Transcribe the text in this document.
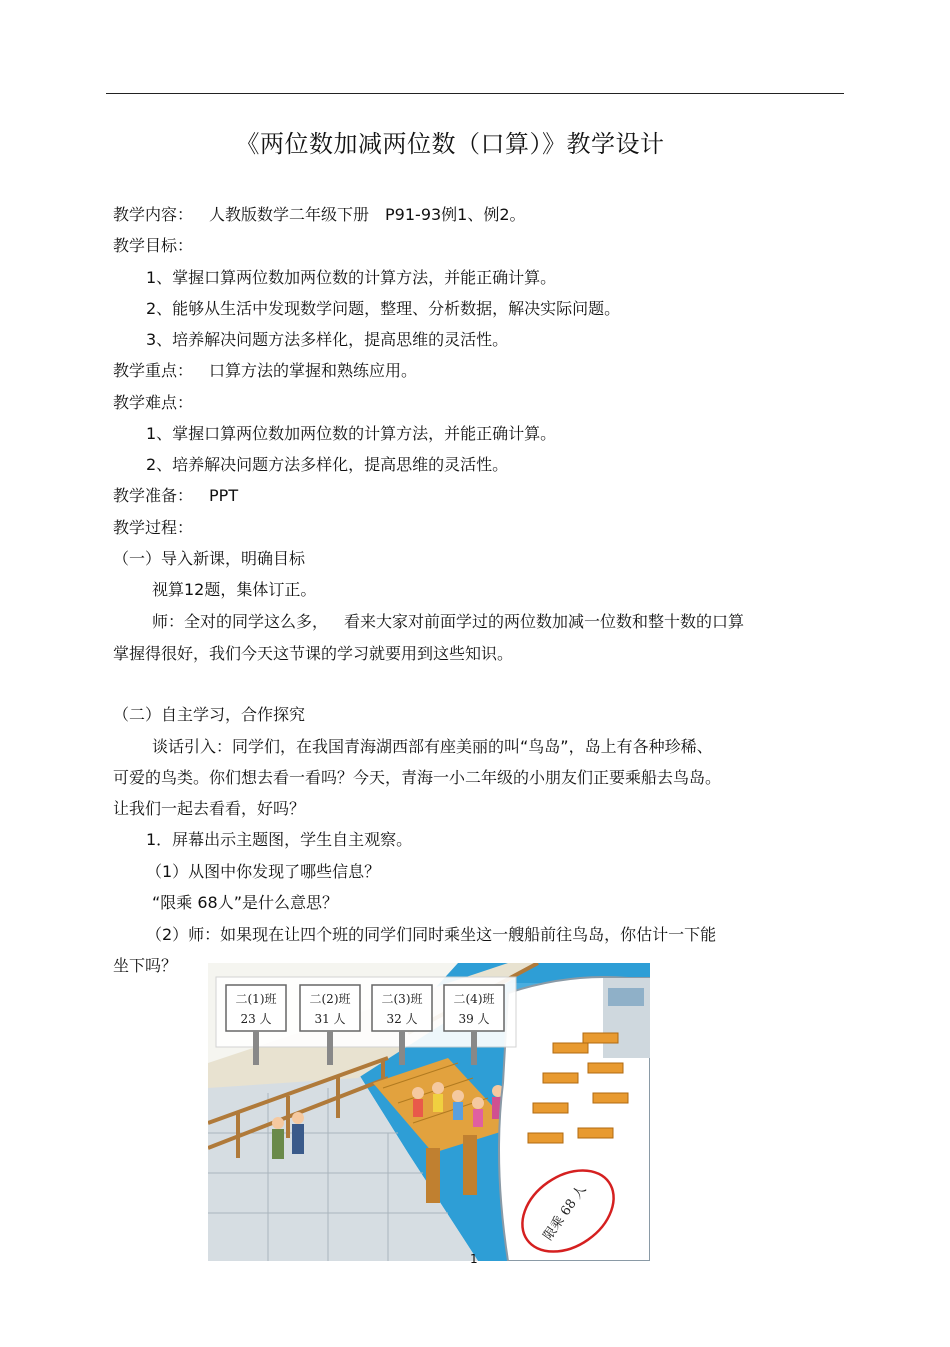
《两位数加减两位数（口算）》教学设计
教学内容： 人教版数学二年级下册 P91-93例1、例2。
教学目标：
1、掌握口算两位数加两位数的计算方法，并能正确计算。
2、能够从生活中发现数学问题，整理、分析数据，解决实际问题。
3、培养解决问题方法多样化，提高思维的灵活性。
教学重点： 口算方法的掌握和熟练应用。
教学难点：
1、掌握口算两位数加两位数的计算方法，并能正确计算。
2、培养解决问题方法多样化，提高思维的灵活性。
教学准备： PPT
教学过程：
（一）导入新课，明确目标
视算12题，集体订正。
师：全对的同学这么多， 看来大家对前面学过的两位数加减一位数和整十数的口算
掌握得很好，我们今天这节课的学习就要用到这些知识。
（二）自主学习，合作探究
谈话引入：同学们，在我国青海湖西部有座美丽的叫“鸟岛”，岛上有各种珍稀、
可爱的鸟类。你们想去看一看吗？今天，青海一小二年级的小朋友们正要乘船去鸟岛。
让我们一起去看看，好吗？
1．屏幕出示主题图，学生自主观察。
（1）从图中你发现了哪些信息？
“限乘 68人”是什么意思？
（2）师：如果现在让四个班的同学们同时乘坐这一艘船前往鸟岛，你估计一下能
坐下吗？
限乘 68 人
二(1)班
23 人
二(2)班
31 人
二(3)班
32 人
二(4)班
39 人
1
